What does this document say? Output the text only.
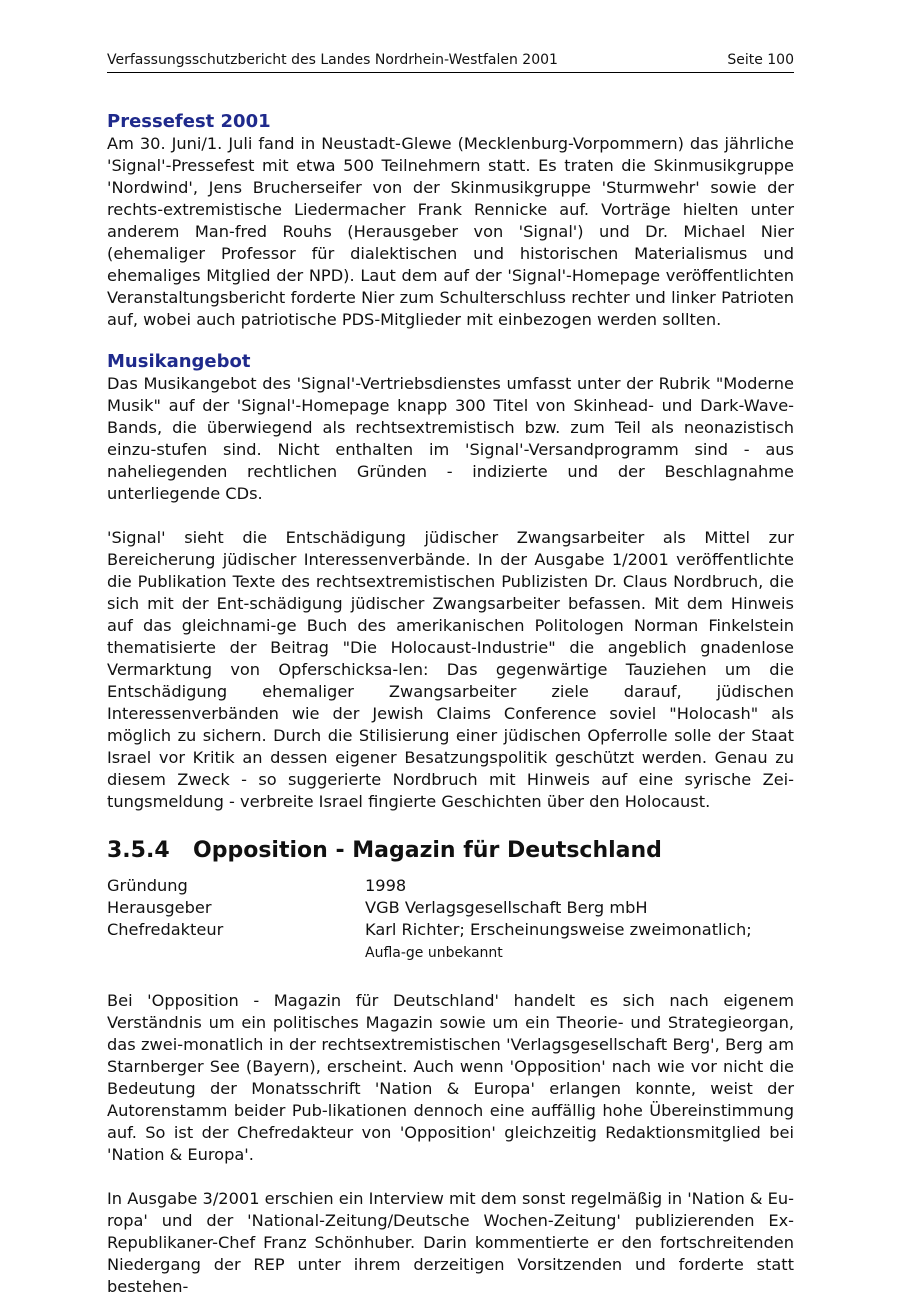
Verfassungsschutzbericht des Landes Nordrhein-Westfalen 2001	Seite 100
Pressefest 2001

Am 30. Juni/1. Juli fand in Neustadt-Glewe (Mecklenburg-Vorpommern) das jährliche 'Signal'-Pressefest mit etwa 500 Teilnehmern statt. Es traten die Skinmusikgruppe 'Nordwind', Jens Brucherseifer von der Skinmusikgruppe 'Sturmwehr' sowie der rechts-extremistische Liedermacher Frank Rennicke auf. Vorträge hielten unter anderem Man-fred Rouhs (Herausgeber von 'Signal') und Dr. Michael Nier (ehemaliger Professor für dialektischen und historischen Materialismus und ehemaliges Mitglied der NPD). Laut dem auf der 'Signal'-Homepage veröffentlichten Veranstaltungsbericht forderte Nier zum Schulterschluss rechter und linker Patrioten auf, wobei auch patriotische PDS-Mitglieder mit einbezogen werden sollten.

Musikangebot

Das Musikangebot des 'Signal'-Vertriebsdienstes umfasst unter der Rubrik "Moderne Musik" auf der 'Signal'-Homepage knapp 300 Titel von Skinhead- und Dark-Wave-Bands, die überwiegend als rechtsextremistisch bzw. zum Teil als neonazistisch einzu-stufen sind. Nicht enthalten im 'Signal'-Versandprogramm sind - aus naheliegenden rechtlichen Gründen - indizierte und der Beschlagnahme unterliegende CDs.

'Signal' sieht die Entschädigung jüdischer Zwangsarbeiter als Mittel zur Bereicherung jüdischer Interessenverbände. In der Ausgabe 1/2001 veröffentlichte die Publikation Texte des rechtsextremistischen Publizisten Dr. Claus Nordbruch, die sich mit der Ent-schädigung jüdischer Zwangsarbeiter befassen. Mit dem Hinweis auf das gleichnami-ge Buch des amerikanischen Politologen Norman Finkelstein thematisierte der Beitrag "Die Holocaust-Industrie" die angeblich gnadenlose Vermarktung von Opferschicksa-len: Das gegenwärtige Tauziehen um die Entschädigung ehemaliger Zwangsarbeiter ziele darauf, jüdischen Interessenverbänden wie der Jewish Claims Conference soviel "Holocash" als möglich zu sichern. Durch die Stilisierung einer jüdischen Opferrolle solle der Staat Israel vor Kritik an dessen eigener Besatzungspolitik geschützt werden. Genau zu diesem Zweck - so suggerierte Nordbruch mit Hinweis auf eine syrische Zei-tungsmeldung - verbreite Israel fingierte Geschichten über den Holocaust.

3.5.4 Opposition - Magazin für Deutschland
Gründung	1998
Herausgeber	VGB Verlagsgesellschaft Berg mbH
Chefredakteur	Karl Richter; Erscheinungsweise zweimonatlich; Aufla-ge unbekannt

Bei 'Opposition - Magazin für Deutschland' handelt es sich nach eigenem Verständnis um ein politisches Magazin sowie um ein Theorie- und Strategieorgan, das zwei-monatlich in der rechtsextremistischen 'Verlagsgesellschaft Berg', Berg am Starnberger See (Bayern), erscheint. Auch wenn 'Opposition' nach wie vor nicht die Bedeutung der Monatsschrift 'Nation & Europa' erlangen konnte, weist der Autorenstamm beider Pub-likationen dennoch eine auffällig hohe Übereinstimmung auf. So ist der Chefredakteur von 'Opposition' gleichzeitig Redaktionsmitglied bei 'Nation & Europa'.

In Ausgabe 3/2001 erschien ein Interview mit dem sonst regelmäßig in 'Nation & Eu-ropa' und der 'National-Zeitung/Deutsche Wochen-Zeitung' publizierenden Ex-Republikaner-Chef Franz Schönhuber. Darin kommentierte er den fortschreitenden Niedergang der REP unter ihrem derzeitigen Vorsitzenden und forderte statt bestehen-
